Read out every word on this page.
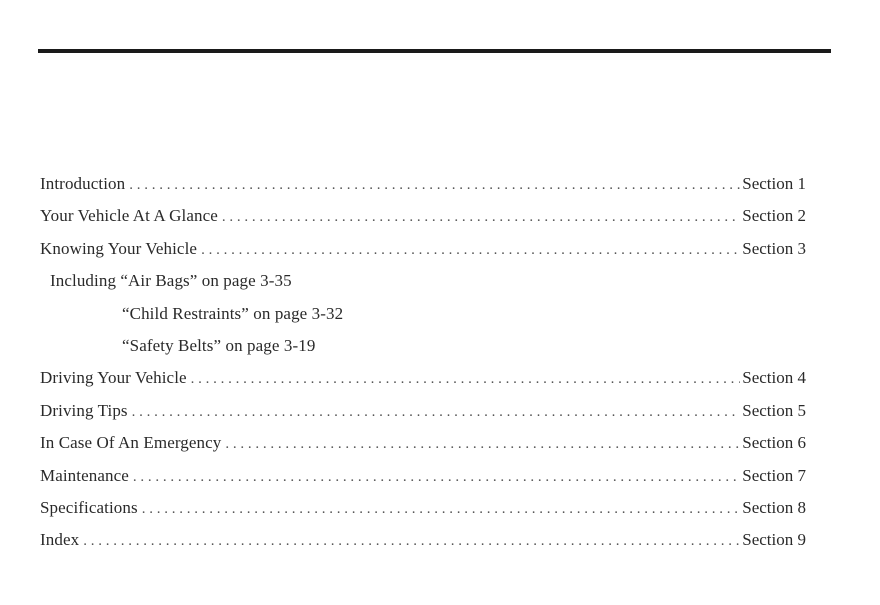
Introduction . . .	Section 1
Your Vehicle At A Glance . . .	Section 2
Knowing Your Vehicle . . .	Section 3
Including “Air Bags” on page 3-35
“Child Restraints” on page 3-32
“Safety Belts” on page 3-19
Driving Your Vehicle . . .	Section 4
Driving Tips . . .	Section 5
In Case Of An Emergency . . .	Section 6
Maintenance . . .	Section 7
Specifications . . .	Section 8
Index . . .	Section 9
